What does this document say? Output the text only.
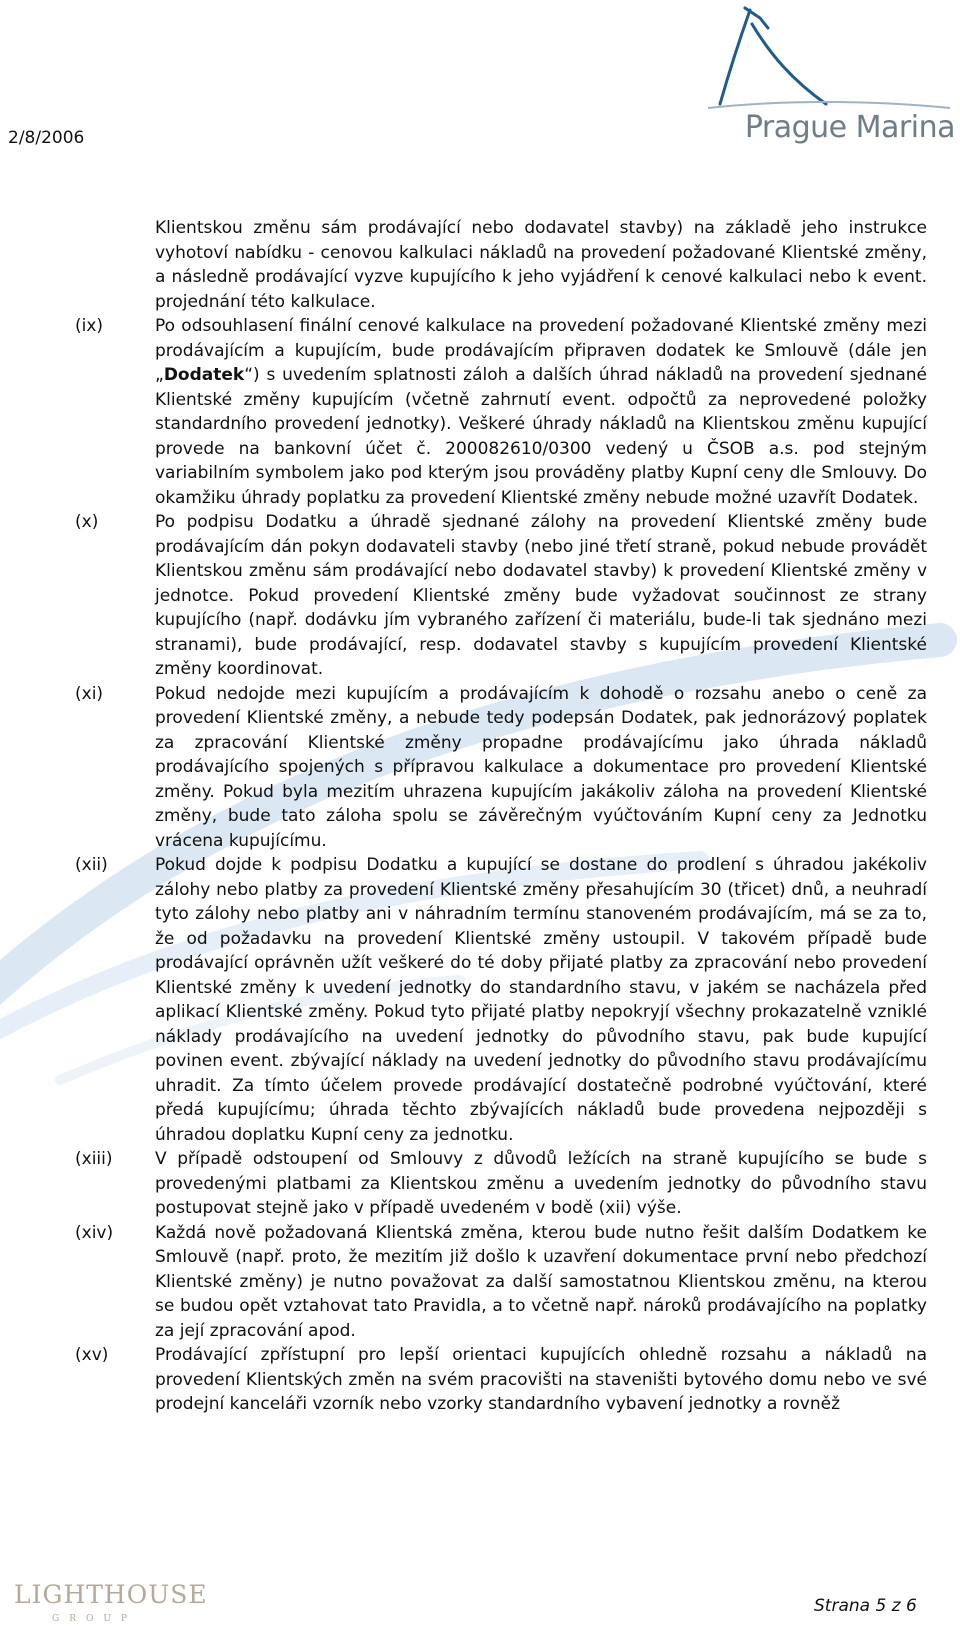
2/8/2006	Prague Marina

Klientskou změnu sám prodávající nebo dodavatel stavby) na základě jeho instrukce vyhotoví nabídku - cenovou kalkulaci nákladů na provedení požadované Klientské změny, a následně prodávající vyzve kupujícího k jeho vyjádření k cenové kalkulaci nebo k event. projednání této kalkulace.

(ix)	Po odsouhlasení finální cenové kalkulace na provedení požadované Klientské změny mezi prodávajícím a kupujícím, bude prodávajícím připraven dodatek ke Smlouvě (dále jen „Dodatek“) s uvedením splatnosti záloh a dalších úhrad nákladů na provedení sjednané Klientské změny kupujícím (včetně zahrnutí event. odpočtů za neprovedené položky standardního provedení jednotky). Veškeré úhrady nákladů na Klientskou změnu kupující provede na bankovní účet č. 200082610/0300 vedený u ČSOB a.s. pod stejným variabilním symbolem jako pod kterým jsou prováděny platby Kupní ceny dle Smlouvy. Do okamžiku úhrady poplatku za provedení Klientské změny nebude možné uzavřít Dodatek.

(x)	Po podpisu Dodatku a úhradě sjednané zálohy na provedení Klientské změny bude prodávajícím dán pokyn dodavateli stavby (nebo jiné třetí straně, pokud nebude provádět Klientskou změnu sám prodávající nebo dodavatel stavby) k provedení Klientské změny v jednotce. Pokud provedení Klientské změny bude vyžadovat součinnost ze strany kupujícího (např. dodávku jím vybraného zařízení či materiálu, bude-li tak sjednáno mezi stranami), bude prodávající, resp. dodavatel stavby s kupujícím provedení Klientské změny koordinovat.

(xi)	Pokud nedojde mezi kupujícím a prodávajícím k dohodě o rozsahu anebo o ceně za provedení Klientské změny, a nebude tedy podepsán Dodatek, pak jednorázový poplatek za zpracování Klientské změny propadne prodávajícímu jako úhrada nákladů prodávajícího spojených s přípravou kalkulace a dokumentace pro provedení Klientské změny. Pokud byla mezitím uhrazena kupujícím jakákoliv záloha na provedení Klientské změny, bude tato záloha spolu se závěrečným vyúčtováním Kupní ceny za Jednotku vrácena kupujícímu.

(xii)	Pokud dojde k podpisu Dodatku a kupující se dostane do prodlení s úhradou jakékoliv zálohy nebo platby za provedení Klientské změny přesahujícím 30 (třicet) dnů, a neuhradí tyto zálohy nebo platby ani v náhradním termínu stanoveném prodávajícím, má se za to, že od požadavku na provedení Klientské změny ustoupil. V takovém případě bude prodávající oprávněn užít veškeré do té doby přijaté platby za zpracování nebo provedení Klientské změny k uvedení jednotky do standardního stavu, v jakém se nacházela před aplikací Klientské změny. Pokud tyto přijaté platby nepokryjí všechny prokazatelně vzniklé náklady prodávajícího na uvedení jednotky do původního stavu, pak bude kupující povinen event. zbývající náklady na uvedení jednotky do původního stavu prodávajícímu uhradit. Za tímto účelem provede prodávající dostatečně podrobné vyúčtování, které předá kupujícímu; úhrada těchto zbývajících nákladů bude provedena nejpozději s úhradou doplatku Kupní ceny za jednotku.

(xiii)	V případě odstoupení od Smlouvy z důvodů ležících na straně kupujícího se bude s provedenými platbami za Klientskou změnu a uvedením jednotky do původního stavu postupovat stejně jako v případě uvedeném v bodě (xii) výše.

(xiv) Každá nově požadovaná Klientská změna, kterou bude nutno řešit dalším Dodatkem ke Smlouvě (např. proto, že mezitím již došlo k uzavření dokumentace první nebo předchozí Klientské změny) je nutno považovat za další samostatnou Klientskou změnu, na kterou se budou opět vztahovat tato Pravidla, a to včetně např. nároků prodávajícího na poplatky za její zpracování apod.

(xv)	Prodávající zpřístupní pro lepší orientaci kupujících ohledně rozsahu a nákladů na provedení Klientských změn na svém pracovišti na staveništi bytového domu nebo ve své prodejní kanceláři vzorník nebo vzorky standardního vybavení jednotky a rovněž

LIGHTHOUSE
GROUP
Strana 5 z 6
